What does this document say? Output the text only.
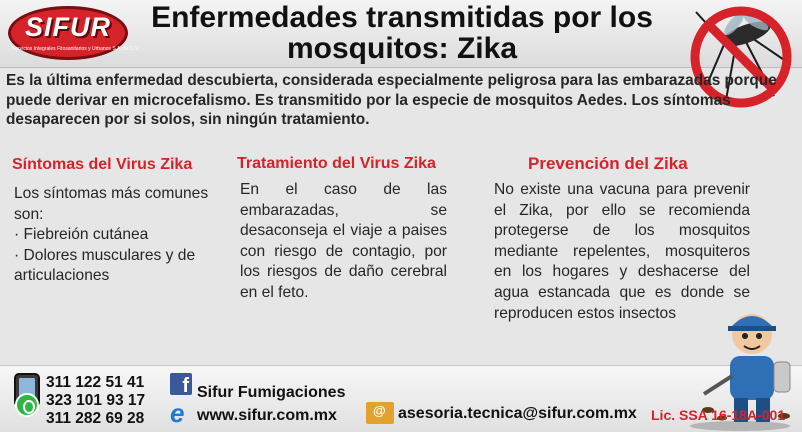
SIFUR
Servicios Integrales Fitosanitarios y Urbanos S.A. de C.V.
Enfermedades transmitidas por los mosquitos: Zika
Es la última enfermedad descubierta, considerada especialmente peligrosa para las embarazadas porque puede derivar en microcefalismo. Es transmitido por la especie de mosquitos Aedes. Los síntomas desaparecen por si solos, sin ningún tratamiento.
Síntomas del Virus Zika	Tratamiento del Virus Zika	Prevención del Zika
Los síntomas más comunes son:
· Fiebreión cutánea
· Dolores musculares y de articulaciones
En el caso de las embarazadas, se desaconseja el viaje a paises con riesgo de contagio, por los riesgos de daño cerebral en el feto.
No existe una vacuna para prevenir el Zika, por ello se recomienda protegerse de los mosquitos mediante repelentes, mosquiteros en los hogares y deshacerse del agua estancada que es donde se reproducen estos insectos
311 122 51 41
323 101 93 17
311 282 69 28
f Sifur Fumigaciones
e www.sifur.com.mx
@	asesoria.tecnica@sifur.com.mx Lic. SSA 16-18A-001
